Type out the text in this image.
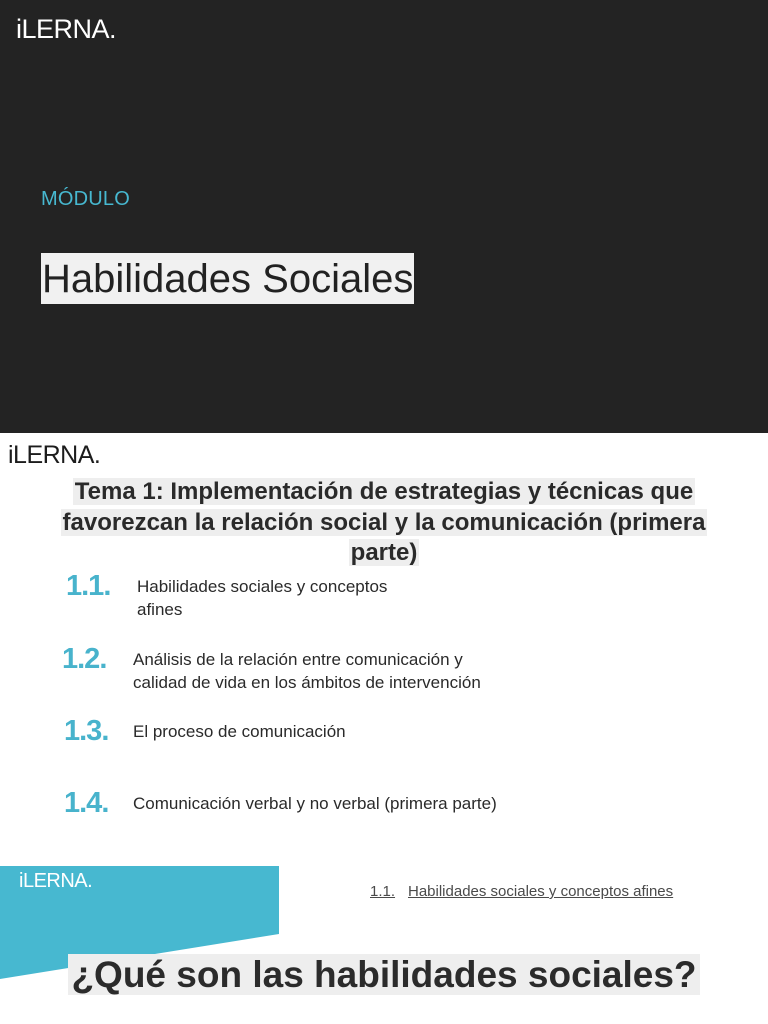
iLERNA.
MÓDULO
Habilidades Sociales
iLERNA.
Tema 1: Implementación de estrategias y técnicas que favorezcan la relación social y la comunicación (primera parte)
1.1. Habilidades sociales y conceptos
afines
1.2. Análisis de la relación entre comunicación y
calidad de vida en los ámbitos de intervención
1.3. El proceso de comunicación
1.4. Comunicación verbal y no verbal (primera parte)
iLERNA.	1.1. Habilidades sociales y conceptos afines
¿Qué son las habilidades sociales?
